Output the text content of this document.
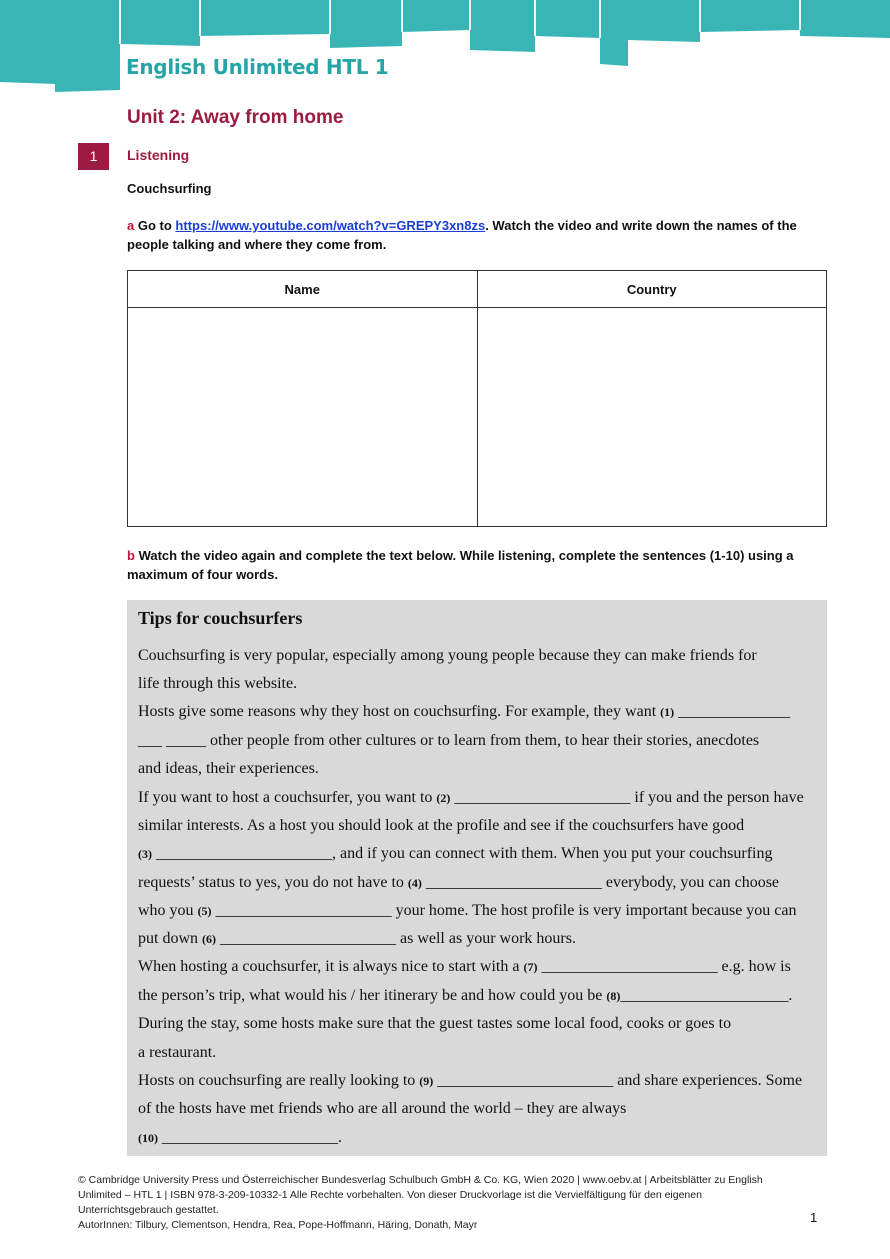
English Unlimited HTL 1
Unit 2: Away from home
1	Listening
Couchsurfing
a Go to https://www.youtube.com/watch?v=GREPY3xn8zs. Watch the video and write down the names of the people talking and where they come from.
Name	Country

b Watch the video again and complete the text below. While listening, complete the sentences (1-10) using a maximum of four words.
Tips for couchsurfers
Couchsurfing is very popular, especially among young people because they can make friends for
life through this website.
Hosts give some reasons why they host on couchsurfing. For example, they want (1) ______________
___ _____ other people from other cultures or to learn from them, to hear their stories, anecdotes
and ideas, their experiences.
If you want to host a couchsurfer, you want to (2) ______________________ if you and the person have
similar interests. As a host you should look at the profile and see if the couchsurfers have good
(3) ______________________, and if you can connect with them. When you put your couchsurfing
requests’ status to yes, you do not have to (4) ______________________ everybody, you can choose
who you (5) ______________________ your home. The host profile is very important because you can
put down (6) ______________________ as well as your work hours.
When hosting a couchsurfer, it is always nice to start with a (7) ______________________ e.g. how is
the person’s trip, what would his / her itinerary be and how could you be (8)_____________________.
During the stay, some hosts make sure that the guest tastes some local food, cooks or goes to
a restaurant.
Hosts on couchsurfing are really looking to (9) ______________________ and share experiences. Some
of the hosts have met friends who are all around the world – they are always
(10) ______________________.
© Cambridge University Press und Österreichischer Bundesverlag Schulbuch GmbH & Co. KG, Wien 2020 | www.oebv.at | Arbeitsblätter zu English Unlimited – HTL 1 | ISBN 978-3-209-10332-1 Alle Rechte vorbehalten. Von dieser Druckvorlage ist die Vervielfältigung für den eigenen Unterrichtsgebrauch gestattet.
AutorInnen: Tilbury, Clementson, Hendra, Rea, Pope-Hoffmann, Häring, Donath, Mayr	1
